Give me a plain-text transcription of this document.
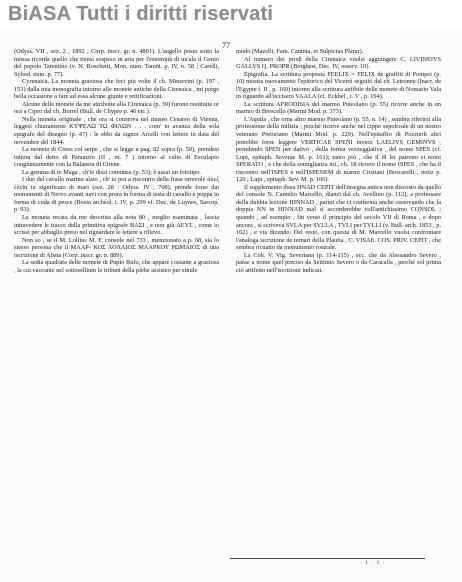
BiASA Tutti i diritti riservati
77

(Odyss. VII , sez. 2 , 1892 ; Corp. inscr. gr. n. 4801). L'augello posto sotto la mossa ricorda quello che tiensi sospeso in aria per l'estremità di un'ala il Genio del popolo Tarentino (v. N. Roschetti, Mon. num. Tarent. p. IV, n. 58 ; Carelli, Syhod. num. p. 77).

Cyrenaica. La moneta graziosa che feci più volte il ch. Minervini (p. 197 , 153) dalla mia monografia intorno alle monete antiche della Cirenaica , mi porge bella occasione a fare ad essa alcune giunte e rettificazioni.

Alcune delle monete da me attribuite alla Cirenaica (p. 39) furono restituite or ora a Cipro dal ch. Borrel (Bull. de Chypre p. 46 etc.).

Nella moneta originale , che ora si conserva nel museo Cesareo di Vienna, leggesi chiaramente ΚΥΨΕΛΩ ΤΩ ΦΙΛΩΝ . . . com' io avanza della sola epigrafe del disegno (p. 47) : le ebbi da signor Arcelli con lettere in data del novembre del 1844.

La moneta di Creso col serpe , che si legge a pag. 82 sopra (p. 50), prendesi tuttora dal detto di Panunzio (II , nr. 7 ) intorno al culto di Esculapio congiuntamente con la Balaneia di Cirene.

La gemma di re Maga , ch'io dissi comunea (p. 53); è assai un fototipo.

I due del cavallo marino alato , ch' io poi a riscontro della frase orrevole ἀλεξ ἑλεῖα in significato di mari (sez. 28 : Odyss. IV , 708), prende forse dai monumenti di Nervo avanti navi con prora in forma di testa di cavallo e poppa in forma di coda di pesce (Bosio archéol. t. IV, p. 299 ef. Duc. de Luynes, Sarcop. p. 93).

La moneta recata da me descritta alla nota 80 , meglio esaminata , lascia intravedere le tracce della primitiva epigrafe ΒΑΣΙ , e non già ΑΕΥΣ , come io scrissi per abbaglio preso nel riguardare le lettere a rilievo.

Non so , se il M. Lollius M. F. console nel 733 , menzionato a p. 68, sia lo stesso persona che il ΜΑΑΡ- ΚΟΣ ΛΟΛΛΙΟΣ ΜΑΑΡΚΟΥ ΡΩΜΑΙΟΣ di una iscrizione di Abata (Corp. inscr. gr. n. 889).

La sedia quadrata delle monete di Pupio Rufo, che appare costante a graziosa , la cui vaccante nel sottosellium le tribuni della plebe assisteo per simile

modo (Mazelli, Fam. Caninia, et Sulpicius Platur).

Al numero dei prodi della Cirenaica vuolsi aggiungere C. LIVINEIVS GALLVS Q. PROPR (Borghesi, Dec. IV, osserv. 10).

Epigrafia. La scrittura proposta FEELIX = FELIX de graffiti di Pompei (p. 10) mostra nuovamente l'epitorico del Viceroi seguito dal ch. Letronne (Inscr. de l'Egypte t. II , p. 169) intorno alla scrittura anfibile delle monete di Nomario Vala in riguardo all'uccisero VAALA (cf. Eckhel , t. V , p. 194).

La scrittura AFRODISIA del marmo Puteolano (p. 55) ricorre anche in un marmo di Brescello (Marmi Mod. p. 373).

L'Aquila , che orna altro marmo Puteolano (p. 55, n. 14) , sembra riferirsi alla professione della milizia ; poichè ricorre anche nel cippo sepolcrale di un nostro veterano Pretoriano (Marmi Mod. p. 229). Nell'epitaffio di Pozzuoli altri potrebbe forse leggere VERTICAE SPENI invece LAELIVS GEMINVS , prendendo SPEN per dativo , della forma vezzeggiativa , del nome SPES (cf. Lupi, epitaph. Severae M. p. 161); tanto più , che il di lei patrono si nomi SPERATO , e che della somiglianza mi., ch. 18 ricorre il nome ISPES , che ha il riscontro nell'ISPES e nell'ISPENEM di marmi Cristiani (Boscarelli , notiz p. 120 ; Lupi , epitaph. Sev. M. p. 166).

Il supplemento duea HNAD CEPIT dell'insegna antica non discosto da quello del console N. Camelio Marcello, dianzi dal ch. Avellino (p. 112), a professare della dubbia lezione HINNAD , parmi che ci conferma anche osservando che la doppia NN in HINNAD mal si accorderebbe coll'antichissimo CONSOL ; quando , ad esempio , fin verso il principio del secolo VII di Roma , e dopo ancora , si scriveva SVLA per SVLLA , TVLI per TVLLI (v. Bull. arch. 1853 , p. 162) , e via dicendo. Del resto, con questa di M. Marcello vuolsi confrontare l'analoga iscrizione de ternari della Plautia , C. VISAE. COS. PRIV. CEPIT , che sembra ricuatto da monumento rostrale.

La Coh. V. Vig. Severiana (p. 114-115) , ecc. che da Alessandro Severo , parae a nome quel preciso da Settimio Severo o da Caracalla , perchè sol prima ciò artifetto nell'iscrizioni indicati.

· 1 · 1 ·
